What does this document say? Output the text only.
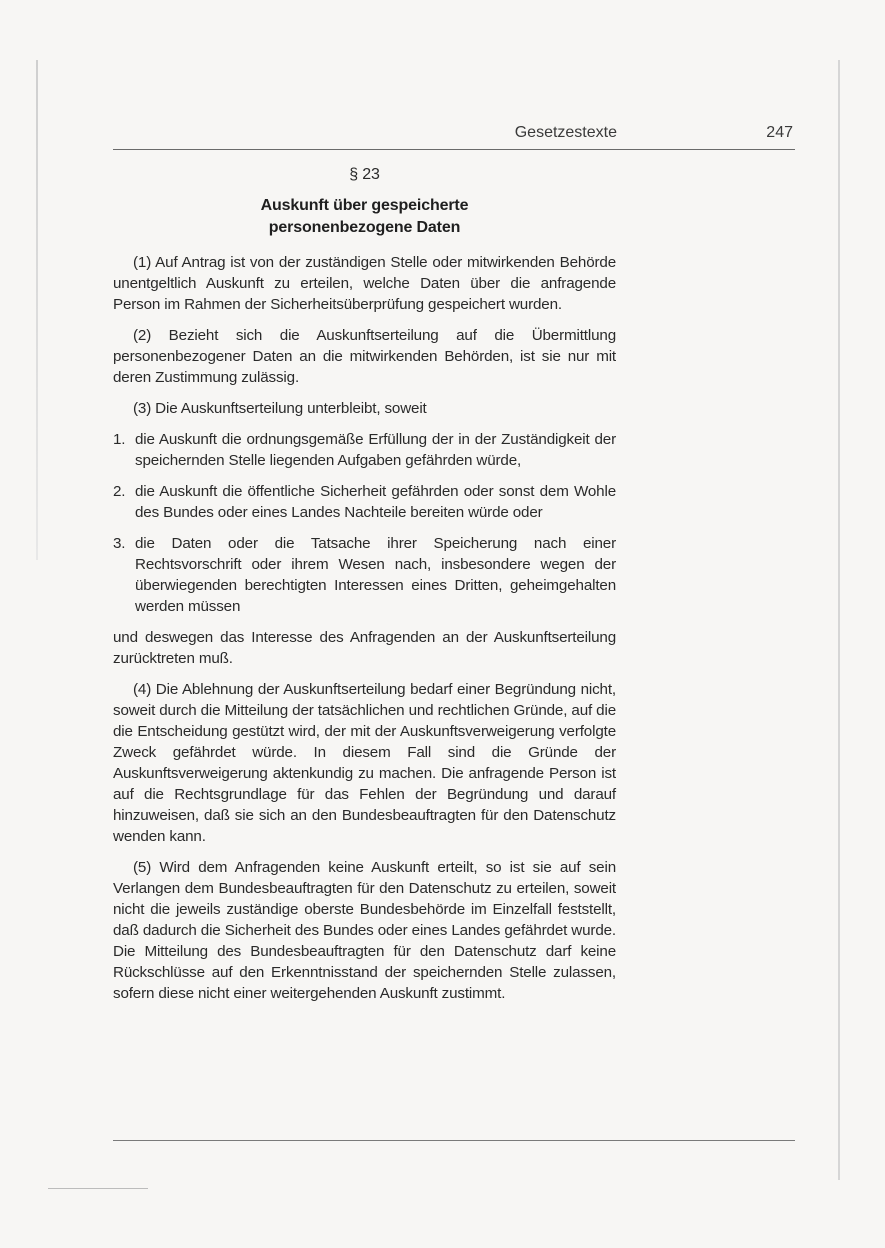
Gesetzestexte	247
§ 23
Auskunft über gespeicherte
personenbezogene Daten

(1) Auf Antrag ist von der zuständigen Stelle oder mitwirkenden Behörde unentgeltlich Auskunft zu erteilen, welche Daten über die anfragende Person im Rahmen der Sicherheitsüberprüfung gespeichert wurden.

(2) Bezieht sich die Auskunftserteilung auf die Übermittlung personenbezogener Daten an die mitwirkenden Behörden, ist sie nur mit deren Zustimmung zulässig.

(3) Die Auskunftserteilung unterbleibt, soweit

1. die Auskunft die ordnungsgemäße Erfüllung der in der Zuständigkeit der speichernden Stelle liegenden Aufgaben gefährden würde,
2. die Auskunft die öffentliche Sicherheit gefährden oder sonst dem Wohle des Bundes oder eines Landes Nachteile bereiten würde oder
3. die Daten oder die Tatsache ihrer Speicherung nach einer Rechtsvorschrift oder ihrem Wesen nach, insbesondere wegen der überwiegenden berechtigten Interessen eines Dritten, geheimgehalten werden müssen

und deswegen das Interesse des Anfragenden an der Auskunftserteilung zurücktreten muß.

(4) Die Ablehnung der Auskunftserteilung bedarf einer Begründung nicht, soweit durch die Mitteilung der tatsächlichen und rechtlichen Gründe, auf die die Entscheidung gestützt wird, der mit der Auskunftsverweigerung verfolgte Zweck gefährdet würde. In diesem Fall sind die Gründe der Auskunftsverweigerung aktenkundig zu machen. Die anfragende Person ist auf die Rechtsgrundlage für das Fehlen der Begründung und darauf hinzuweisen, daß sie sich an den Bundesbeauftragten für den Datenschutz wenden kann.

(5) Wird dem Anfragenden keine Auskunft erteilt, so ist sie auf sein Verlangen dem Bundesbeauftragten für den Datenschutz zu erteilen, soweit nicht die jeweils zuständige oberste Bundesbehörde im Einzelfall feststellt, daß dadurch die Sicherheit des Bundes oder eines Landes gefährdet wurde. Die Mitteilung des Bundesbeauftragten für den Datenschutz darf keine Rückschlüsse auf den Erkenntnisstand der speichernden Stelle zulassen, sofern diese nicht einer weitergehenden Auskunft zustimmt.
